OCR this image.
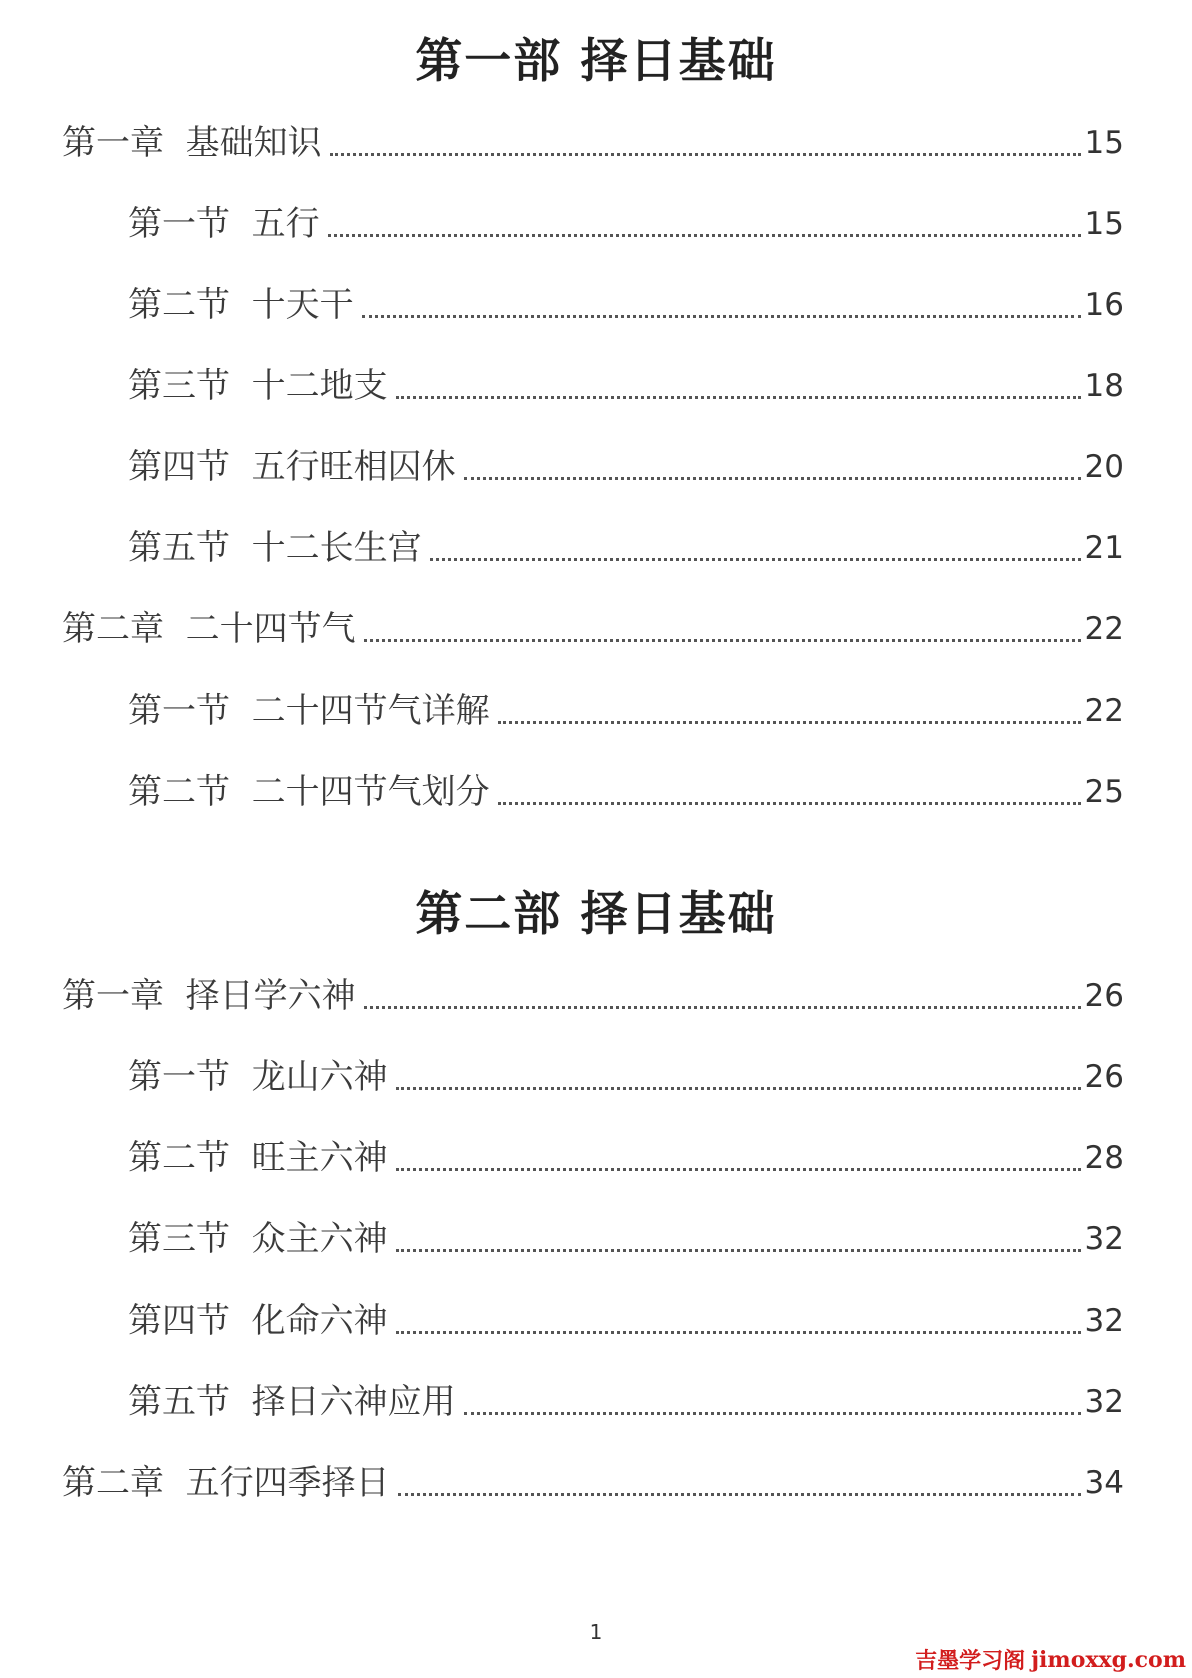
第一部 择日基础
第一章  基础知识	15
第一节  五行	15
第二节  十天干	16
第三节  十二地支	18
第四节  五行旺相囚休	20
第五节  十二长生宫	21
第二章  二十四节气	22
第一节  二十四节气详解	22
第二节  二十四节气划分	25
第二部 择日基础
第一章  择日学六神	26
第一节  龙山六神	26
第二节  旺主六神	28
第三节  众主六神	32
第四节  化命六神	32
第五节  择日六神应用	32
第二章  五行四季择日	34
1
吉墨学习阁 jimoxxg.com
